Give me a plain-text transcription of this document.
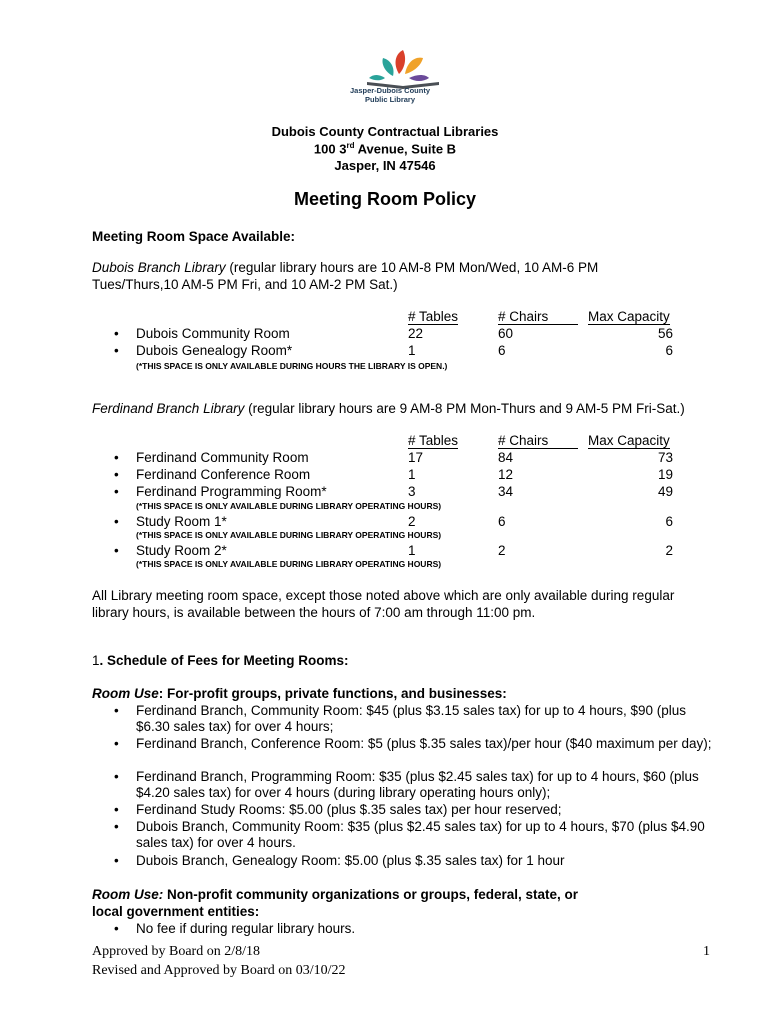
Jasper-Dubois County
Public Library
Dubois County Contractual Libraries
100 3rd Avenue, Suite B
Jasper, IN 47546
Meeting Room Policy
Meeting Room Space Available:
Dubois Branch Library (regular library hours are 10 AM-8 PM Mon/Wed, 10 AM-6 PM
Tues/Thurs,10 AM-5 PM Fri, and 10 AM-2 PM Sat.)
# Tables	# Chairs	Max Capacity
• Dubois Community Room	22	60	56
• Dubois Genealogy Room*	1	6	6
(*THIS SPACE IS ONLY AVAILABLE DURING HOURS THE LIBRARY IS OPEN.)
Ferdinand Branch Library (regular library hours are 9 AM-8 PM Mon-Thurs and 9 AM-5 PM Fri-Sat.)
# Tables	# Chairs	Max Capacity
• Ferdinand Community Room	17	84	73
• Ferdinand Conference Room	1	12	19
• Ferdinand Programming Room*	3	34	49
(*THIS SPACE IS ONLY AVAILABLE DURING LIBRARY OPERATING HOURS)
• Study Room 1*	2	6	6
(*THIS SPACE IS ONLY AVAILABLE DURING LIBRARY OPERATING HOURS)
• Study Room 2*	1	2	2
(*THIS SPACE IS ONLY AVAILABLE DURING LIBRARY OPERATING HOURS)
All Library meeting room space, except those noted above which are only available during regular library hours, is available between the hours of 7:00 am through 11:00 pm.
1. Schedule of Fees for Meeting Rooms:
Room Use: For-profit groups, private functions, and businesses:
• Ferdinand Branch, Community Room: $45 (plus $3.15 sales tax) for up to 4 hours, $90 (plus $6.30 sales tax) for over 4 hours;
• Ferdinand Branch, Conference Room: $5 (plus $.35 sales tax)/per hour ($40 maximum per day);
• Ferdinand Branch, Programming Room: $35 (plus $2.45 sales tax) for up to 4 hours, $60 (plus $4.20 sales tax) for over 4 hours (during library operating hours only);
• Ferdinand Study Rooms: $5.00 (plus $.35 sales tax) per hour reserved;
• Dubois Branch, Community Room: $35 (plus $2.45 sales tax) for up to 4 hours, $70 (plus $4.90 sales tax) for over 4 hours.
• Dubois Branch, Genealogy Room: $5.00 (plus $.35 sales tax) for 1 hour
Room Use: Non-profit community organizations or groups, federal, state, or
local government entities:
• No fee if during regular library hours.
Approved by Board on 2/8/18
Revised and Approved by Board on 03/10/22
1
